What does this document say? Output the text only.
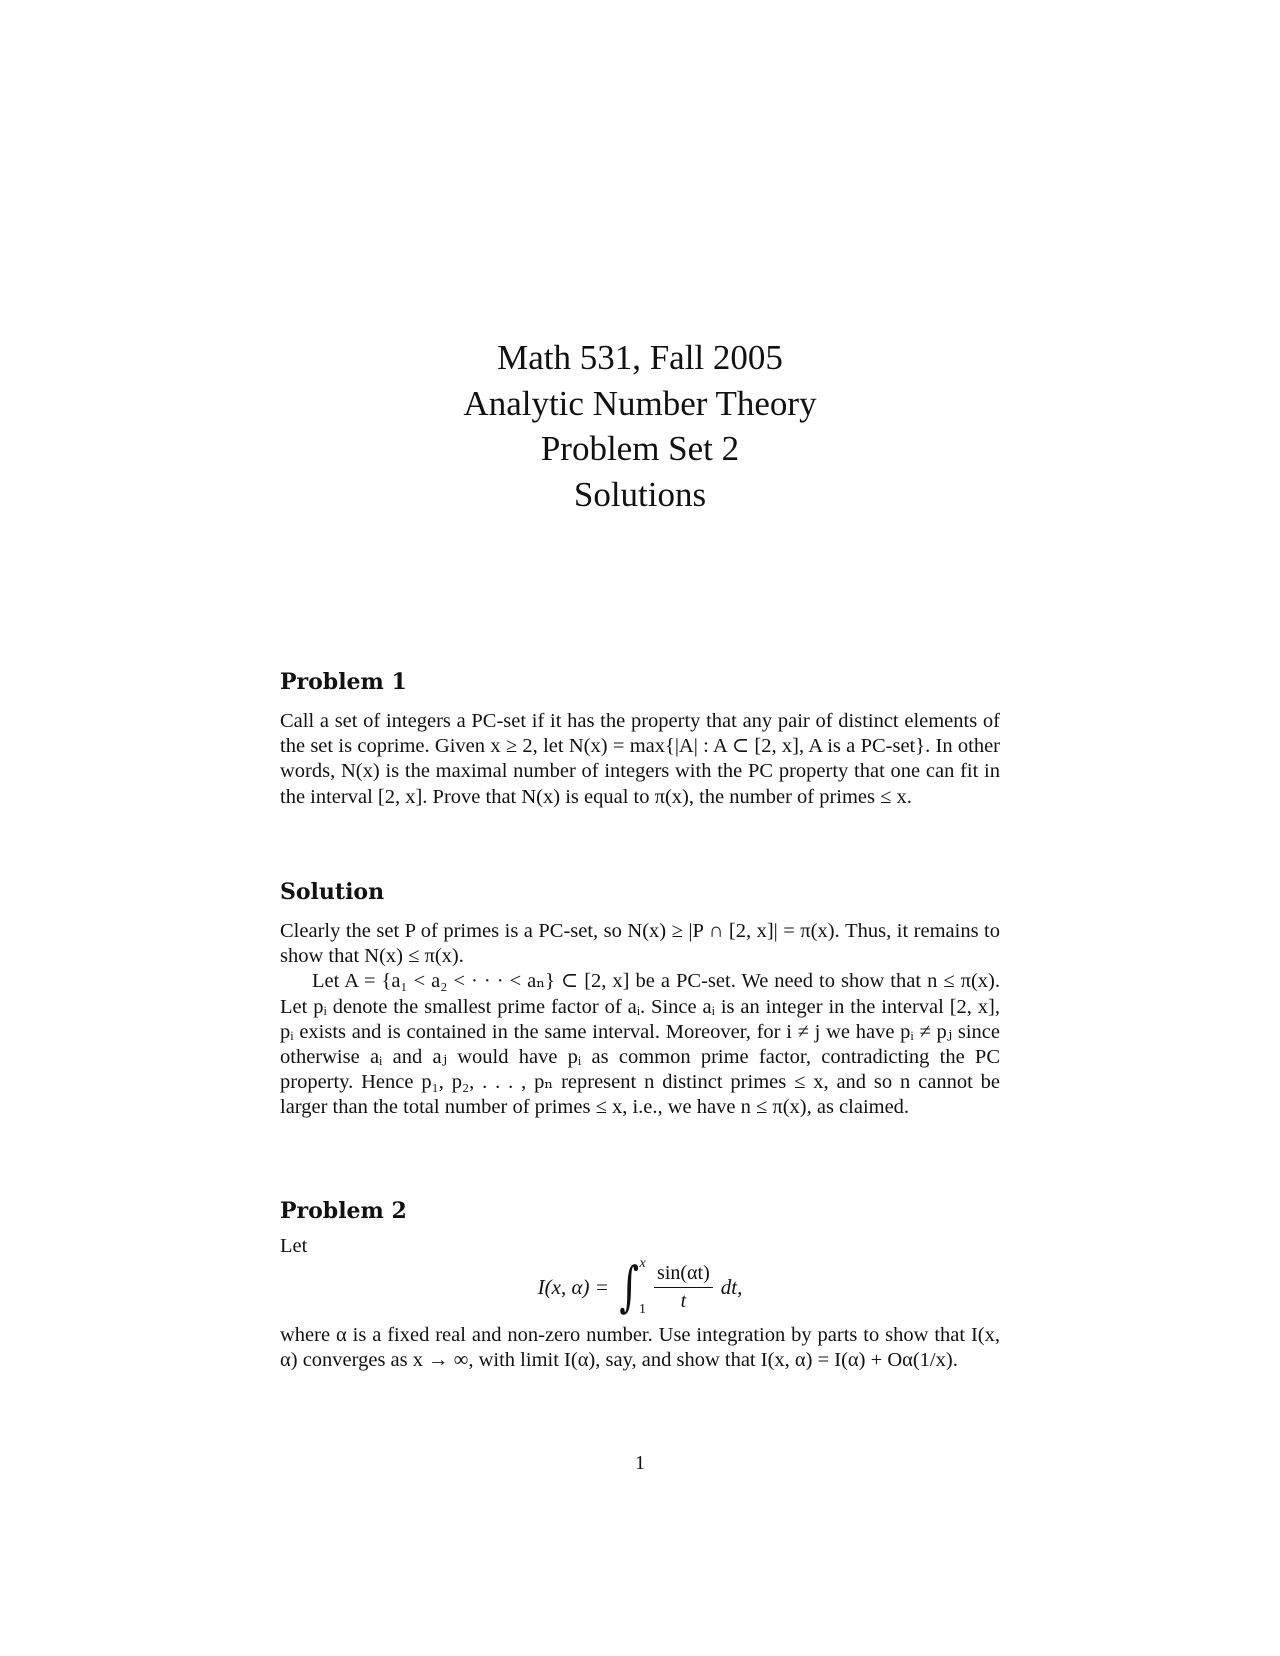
Math 531, Fall 2005
Analytic Number Theory
Problem Set 2
Solutions
Problem 1
Call a set of integers a PC-set if it has the property that any pair of distinct elements of the set is coprime. Given x ≥ 2, let N(x) = max{|A| : A ⊂ [2, x], A is a PC-set}. In other words, N(x) is the maximal number of integers with the PC property that one can fit in the interval [2, x]. Prove that N(x) is equal to π(x), the number of primes ≤ x.
Solution
Clearly the set P of primes is a PC-set, so N(x) ≥ |P ∩ [2, x]| = π(x). Thus, it remains to show that N(x) ≤ π(x).
Let A = {a₁ < a₂ < · · · < aₙ} ⊂ [2, x] be a PC-set. We need to show that n ≤ π(x). Let pᵢ denote the smallest prime factor of aᵢ. Since aᵢ is an integer in the interval [2, x], pᵢ exists and is contained in the same interval. Moreover, for i ≠ j we have pᵢ ≠ pⱼ since otherwise aᵢ and aⱼ would have pᵢ as common prime factor, contradicting the PC property. Hence p₁, p₂, . . . , pₙ represent n distinct primes ≤ x, and so n cannot be larger than the total number of primes ≤ x, i.e., we have n ≤ π(x), as claimed.
Problem 2
Let
I(x, α) = ∫ x
$1 \frac{\sin(\alpha t)}{t}$ dt,
where α is a fixed real and non-zero number. Use integration by parts to show that I(x, α) converges as x → ∞, with limit I(α), say, and show that I(x, α) = I(α) + Oα(1/x).
1
